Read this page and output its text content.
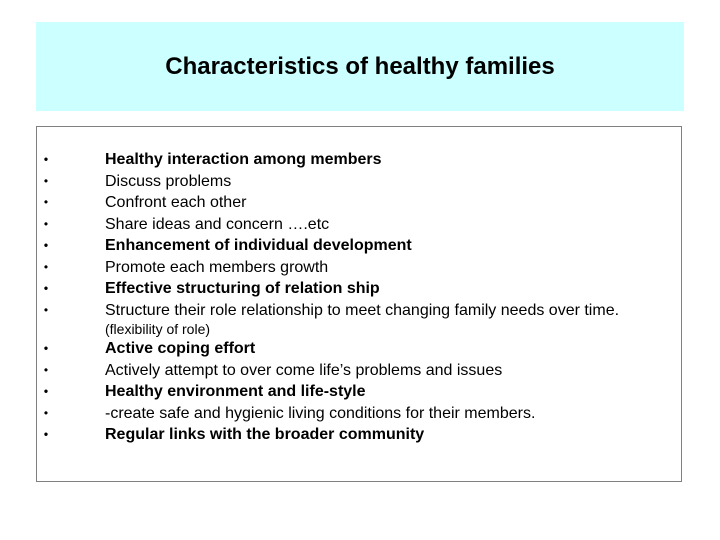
Characteristics of healthy families
•	Healthy interaction among members
•	Discuss problems
•	Confront each other
•	Share ideas and concern ….etc
•	Enhancement of individual development
•	Promote each members growth
•	Effective structuring of relation ship
•	Structure their role relationship to meet changing family needs over time.
(flexibility of role)
•	Active coping effort
•	Actively attempt to over come life’s problems and issues
•	Healthy environment and life-style
•	-create safe and hygienic living conditions for their members.
•	Regular links with the broader community
